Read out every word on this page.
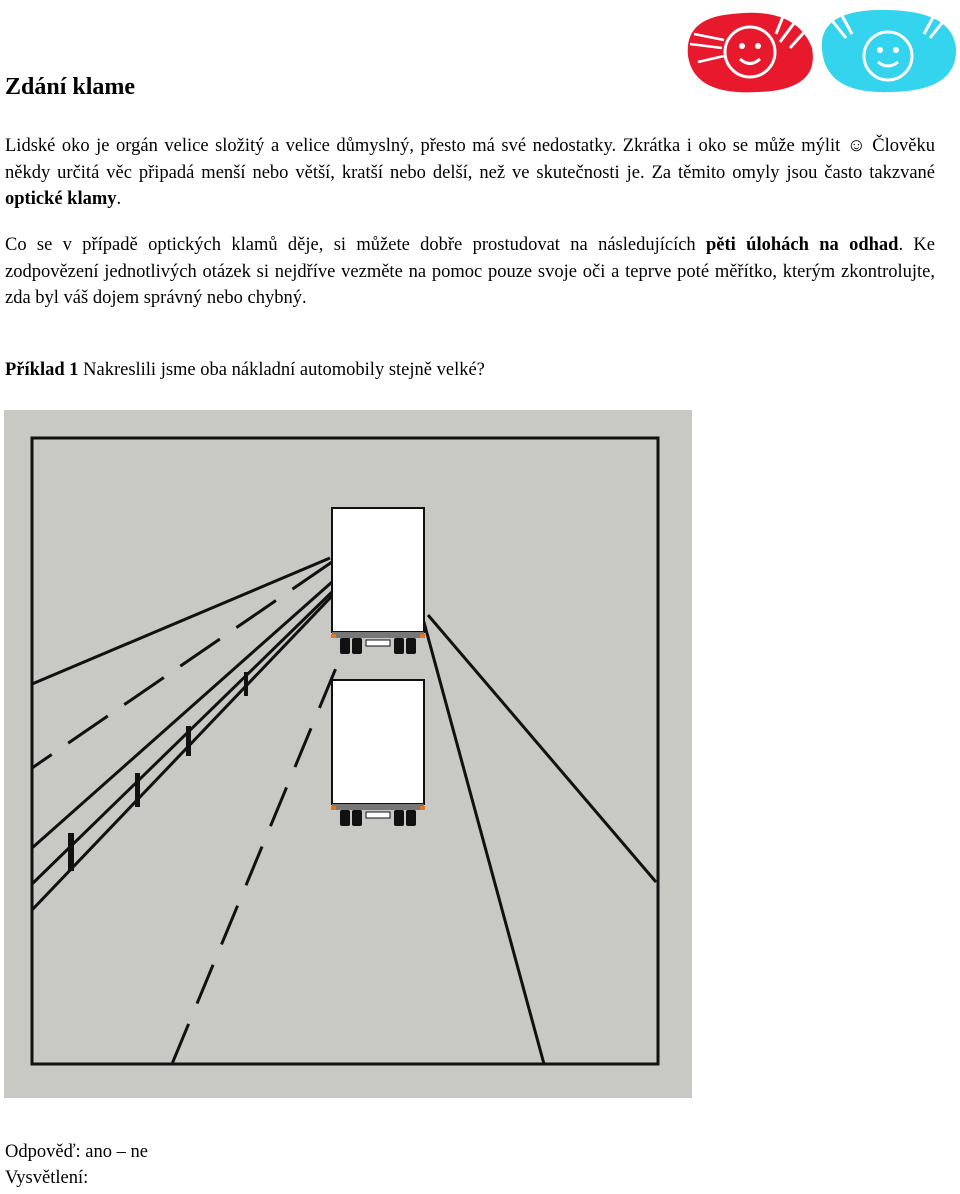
Zdání klame

Lidské oko je orgán velice složitý a velice důmyslný, přesto má své nedostatky. Zkrátka i oko se může mýlit ☺ Člověku někdy určitá věc připadá menší nebo větší, kratší nebo delší, než ve skutečnosti je. Za těmito omyly jsou často takzvané optické klamy.

Co se v případě optických klamů děje, si můžete dobře prostudovat na následujících pěti úlohách na odhad. Ke zodpovězení jednotlivých otázek si nejdříve vezměte na pomoc pouze svoje oči a teprve poté měřítko, kterým zkontrolujte, zda byl váš dojem správný nebo chybný.

Příklad 1 Nakreslili jsme oba nákladní automobily stejně velké?

Odpověď: ano – ne

Vysvětlení:
